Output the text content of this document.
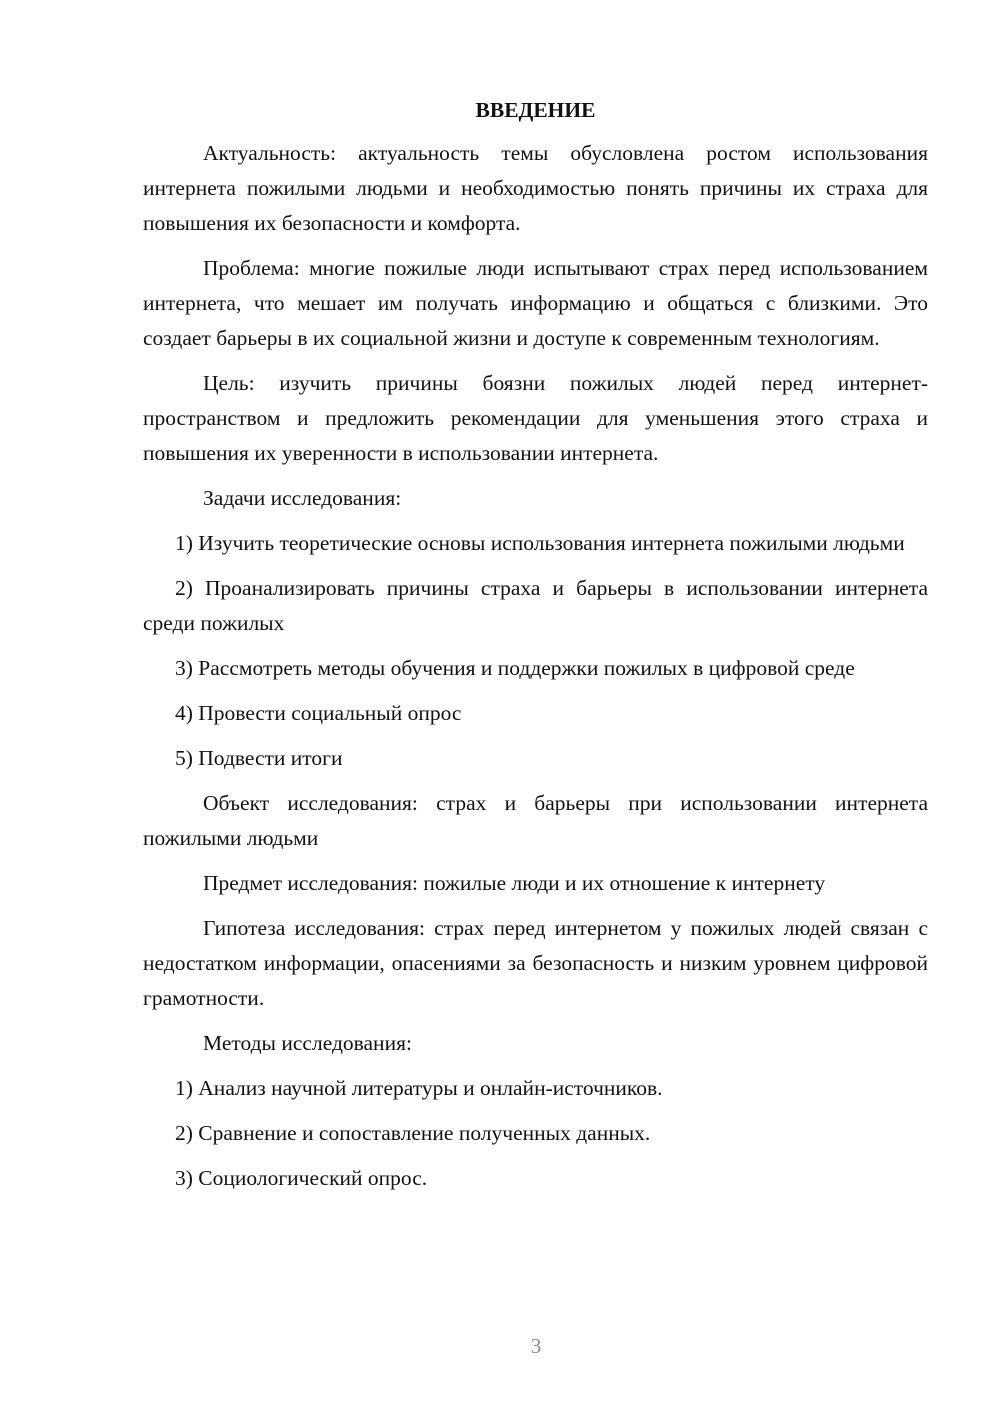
ВВЕДЕНИЕ

Актуальность: актуальность темы обусловлена ростом использования интернета пожилыми людьми и необходимостью понять причины их страха для повышения их безопасности и комфорта.

Проблема: многие пожилые люди испытывают страх перед использованием интернета, что мешает им получать информацию и общаться с близкими. Это создает барьеры в их социальной жизни и доступе к современным технологиям.

Цель: изучить причины боязни пожилых людей перед интернет-пространством и предложить рекомендации для уменьшения этого страха и повышения их уверенности в использовании интернета.

Задачи исследования:

1) Изучить теоретические основы использования интернета пожилыми людьми

2) Проанализировать причины страха и барьеры в использовании интернета среди пожилых

3) Рассмотреть методы обучения и поддержки пожилых в цифровой среде

4) Провести социальный опрос

5) Подвести итоги

Объект исследования: страх и барьеры при использовании интернета пожилыми людьми

Предмет исследования: пожилые люди и их отношение к интернету

Гипотеза исследования: страх перед интернетом у пожилых людей связан с недостатком информации, опасениями за безопасность и низким уровнем цифровой грамотности.

Методы исследования:

1) Анализ научной литературы и онлайн-источников.

2) Сравнение и сопоставление полученных данных.

3) Социологический опрос.

3
